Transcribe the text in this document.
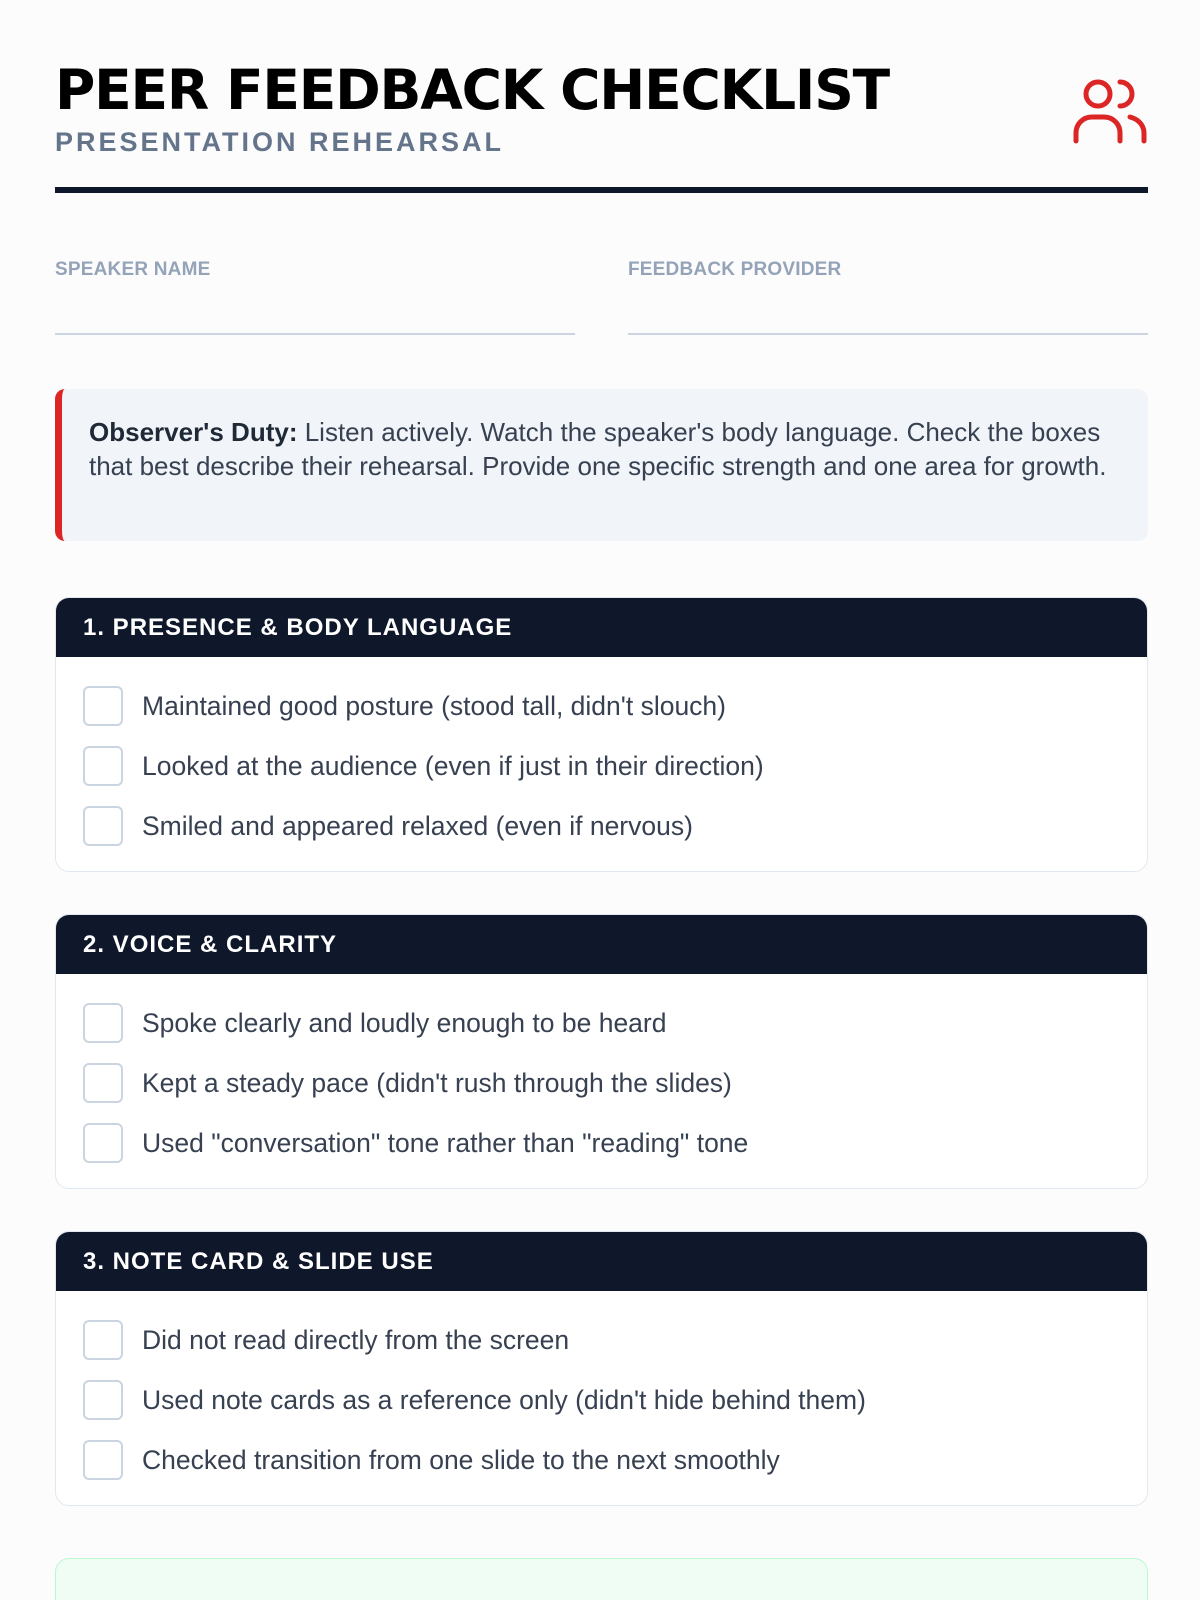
PEER FEEDBACK CHECKLIST
PRESENTATION REHEARSAL
SPEAKER NAME	FEEDBACK PROVIDER
Observer's Duty: Listen actively. Watch the speaker's body language. Check the boxes that best describe their rehearsal. Provide one specific strength and one area for growth.
1. PRESENCE & BODY LANGUAGE
Maintained good posture (stood tall, didn't slouch)
Looked at the audience (even if just in their direction)
Smiled and appeared relaxed (even if nervous)
2. VOICE & CLARITY
Spoke clearly and loudly enough to be heard
Kept a steady pace (didn't rush through the slides)
Used "conversation" tone rather than "reading" tone
3. NOTE CARD & SLIDE USE
Did not read directly from the screen
Used note cards as a reference only (didn't hide behind them)
Checked transition from one slide to the next smoothly
